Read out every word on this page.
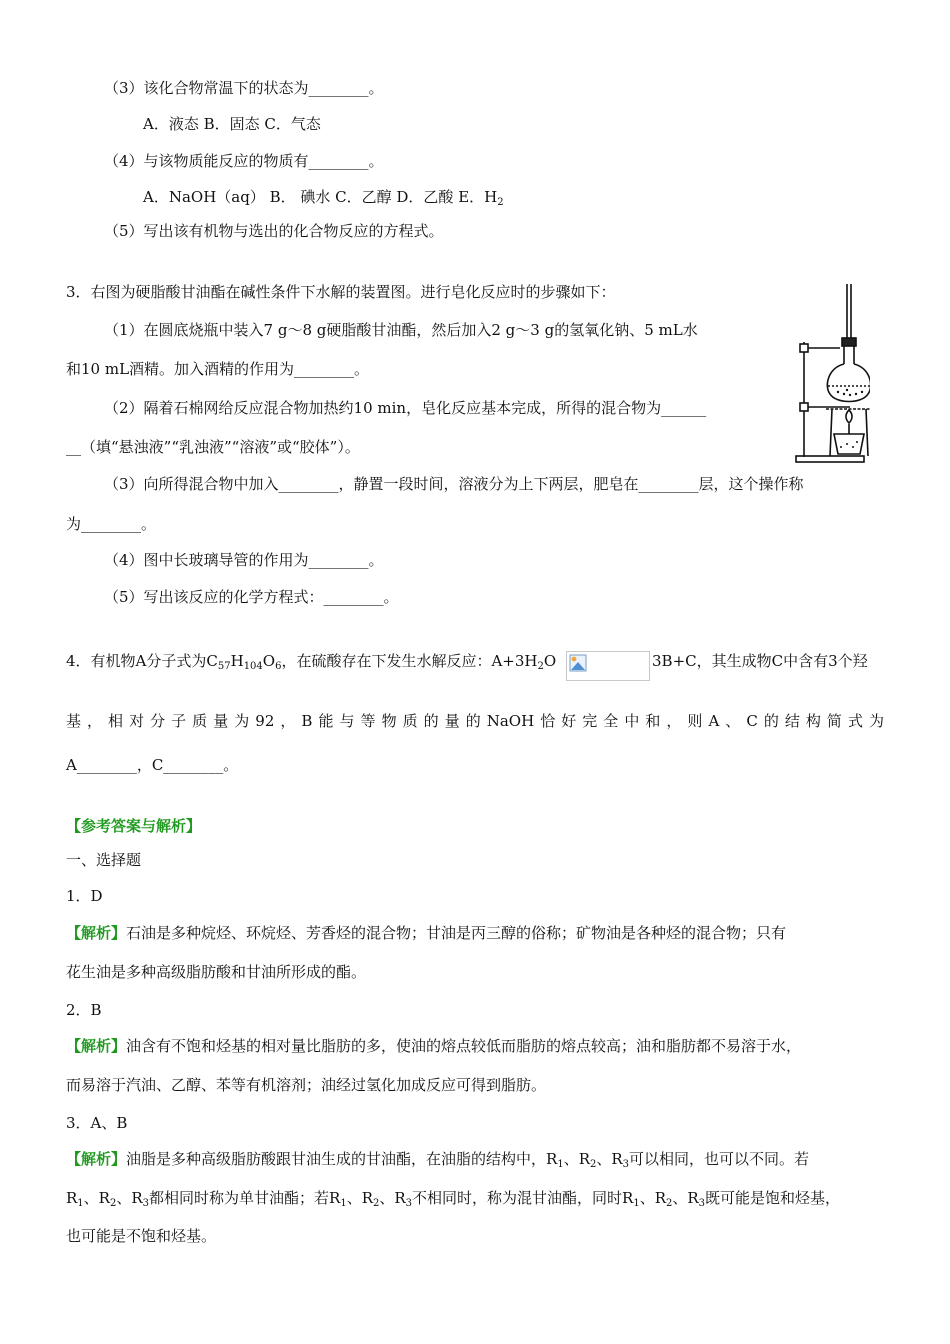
（3）该化合物常温下的状态为________。
A．液态 B．固态 C．气态
（4）与该物质能反应的物质有________。
A．NaOH（aq） B． 碘水 C．乙醇 D．乙酸 E．$H_2$
（5）写出该有机物与选出的化合物反应的方程式。
3．右图为硬脂酸甘油酯在碱性条件下水解的装置图。进行皂化反应时的步骤如下：
（1）在圆底烧瓶中装入7 g～8 g硬脂酸甘油酯，然后加入2 g～3 g的氢氧化钠、5 mL水
和10 mL酒精。加入酒精的作用为________。
（2）隔着石棉网给反应混合物加热约10 min，皂化反应基本完成，所得的混合物为______
__（填“悬浊液”“乳浊液”“溶液”或“胶体”）。
（3）向所得混合物中加入________，静置一段时间，溶液分为上下两层，肥皂在________层，这个操作称
为________。
（4）图中长玻璃导管的作用为________。
（5）写出该反应的化学方程式：________。
4．有机物A分子式为$C_{57}H_{104}O_6$，在硫酸存在下发生水解反应：$A+3H_2O$	3B+C，其生成物C中含有3个羟
基，相对分子质量为92，B能与等物质的量的NaOH恰好完全中和，则A、C的结构简式为
A________，C________。
【参考答案与解析】
一、选择题
1．D
【解析】石油是多种烷烃、环烷烃、芳香烃的混合物；甘油是丙三醇的俗称；矿物油是各种烃的混合物；只有
花生油是多种高级脂肪酸和甘油所形成的酯。
2．B
【解析】油含有不饱和烃基的相对量比脂肪的多，使油的熔点较低而脂肪的熔点较高；油和脂肪都不易溶于水，
而易溶于汽油、乙醇、苯等有机溶剂；油经过氢化加成反应可得到脂肪。
3．A、B
【解析】油脂是多种高级脂肪酸跟甘油生成的甘油酯，在油脂的结构中，$R_1$、$R_2$、$R_3$可以相同，也可以不同。若
$R_1$、$R_2$、$R_3$都相同时称为单甘油酯；若$R_1$、$R_2$、$R_3$不相同时，称为混甘油酯，同时$R_1$、$R_2$、$R_3$既可能是饱和烃基，
也可能是不饱和烃基。
